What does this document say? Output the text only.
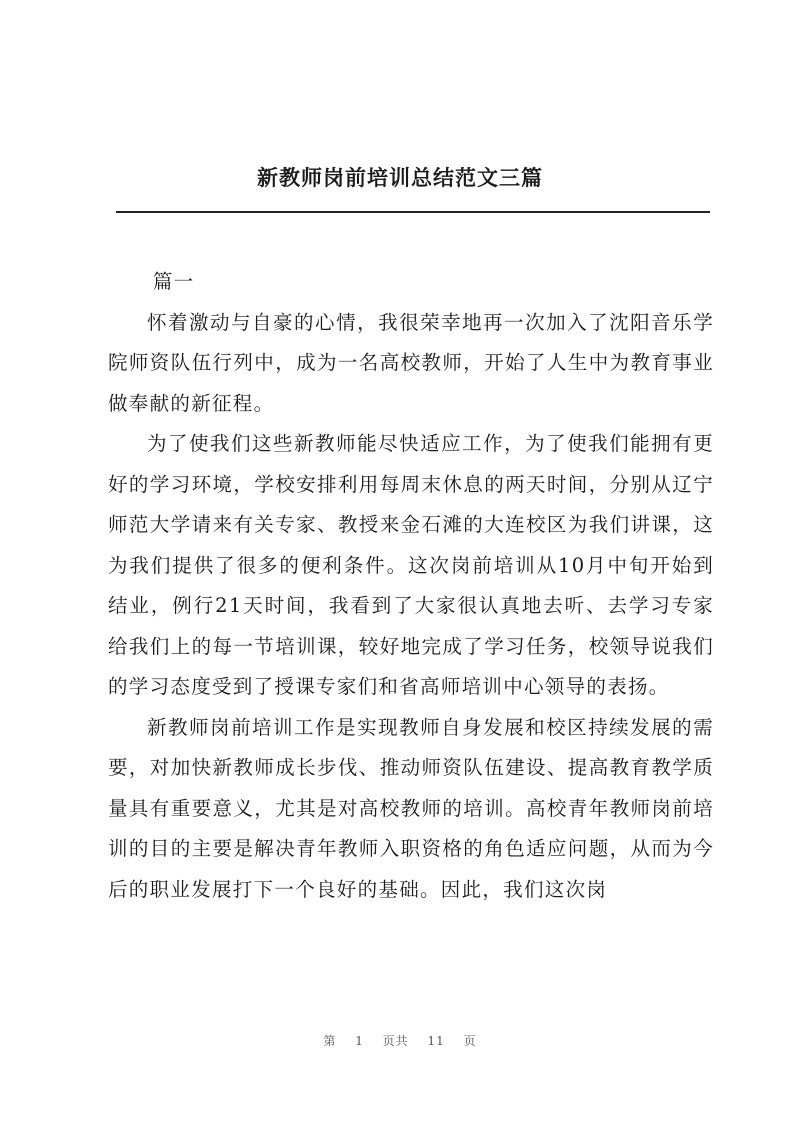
新教师岗前培训总结范文三篇
篇一

怀着激动与自豪的心情，我很荣幸地再一次加入了沈阳音乐学院师资队伍行列中，成为一名高校教师，开始了人生中为教育事业做奉献的新征程。

为了使我们这些新教师能尽快适应工作，为了使我们能拥有更好的学习环境，学校安排利用每周末休息的两天时间，分别从辽宁师范大学请来有关专家、教授来金石滩的大连校区为我们讲课，这为我们提供了很多的便利条件。这次岗前培训从10月中旬开始到结业，例行21天时间，我看到了大家很认真地去听、去学习专家给我们上的每一节培训课，较好地完成了学习任务，校领导说我们的学习态度受到了授课专家们和省高师培训中心领导的表扬。

新教师岗前培训工作是实现教师自身发展和校区持续发展的需要，对加快新教师成长步伐、推动师资队伍建设、提高教育教学质量具有重要意义，尤其是对高校教师的培训。高校青年教师岗前培训的目的主要是解决青年教师入职资格的角色适应问题，从而为今后的职业发展打下一个良好的基础。因此，我们这次岗

第 1 页共 11 页
